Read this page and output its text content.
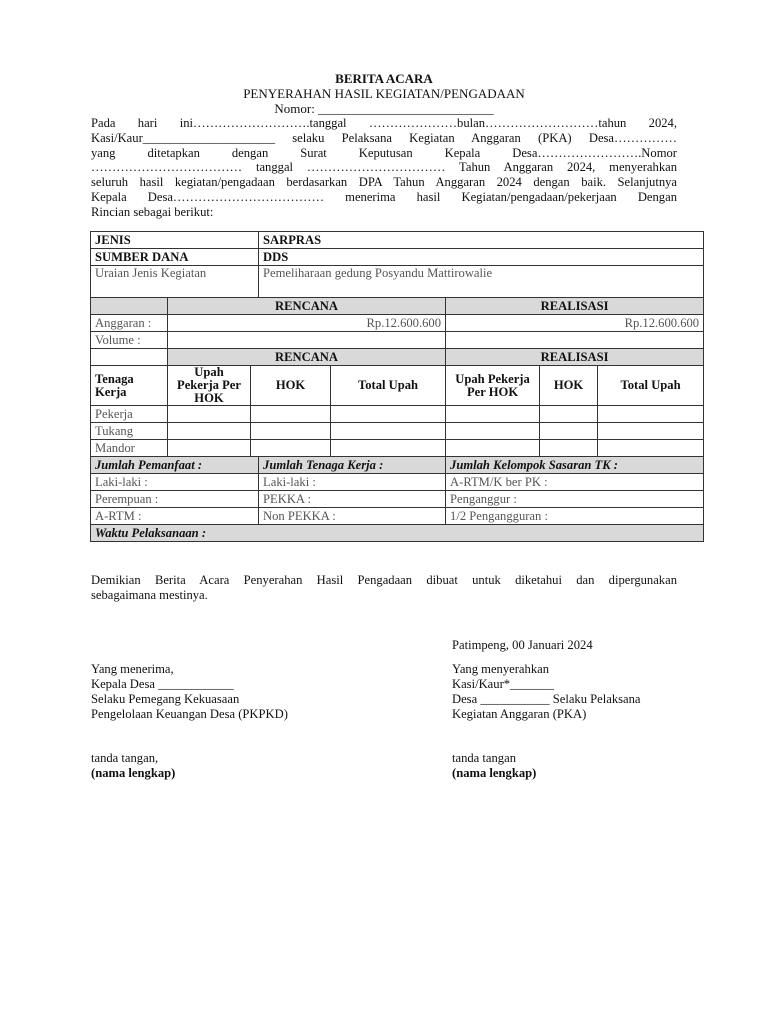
BERITA ACARA
PENYERAHAN HASIL KEGIATAN/PENGADAAN
Nomor: ___________________________
Pada hari ini……………………….tanggal …………………bulan………………………tahun 2024,
Kasi/Kaur_____________________ selaku Pelaksana Kegiatan Anggaran (PKA) Desa……………
yang ditetapkan dengan Surat Keputusan Kepala Desa…………………….Nomor
……………………………… tanggal …………………………… Tahun Anggaran 2024, menyerahkan
seluruh hasil kegiatan/pengadaan berdasarkan DPA Tahun Anggaran 2024 dengan baik. Selanjutnya
Kepala Desa……………………………… menerima hasil Kegiatan/pengadaan/pekerjaan Dengan
Rincian sebagai berikut:
JENIS			SARPRAS				
SUMBER DANA			DDS				
Uraian Jenis Kegiatan			Pemeliharaan gedung Posyandu Mattirowalie				
	RENCANA				REALISASI		
Anggaran :	Rp.12.600.600				Rp.12.600.600		
Volume :							
	RENCANA				REALISASI		
Tenaga Kerja	Upah Pekerja Per HOK	HOK		Total Upah	Upah Pekerja Per HOK	HOK	Total Upah
Pekerja							
Tukang							
Mandor							
Jumlah Pemanfaat :			Jumlah Tenaga Kerja :		Jumlah Kelompok Sasaran TK :		
Laki-laki :			Laki-laki :		A-RTM/K ber PK :		
Perempuan :			PEKKA :		Penganggur :		
A-RTM :			Non PEKKA :		1/2 Pengangguran :		
Waktu Pelaksanaan :							
Demikian Berita Acara Penyerahan Hasil Pengadaan dibuat untuk diketahui dan dipergunakan
sebagaimana mestinya.
Patimpeng, 00 Januari 2024
Yang menerima,
Kepala Desa ____________
Selaku Pemegang Kekuasaan
Pengelolaan Keuangan Desa (PKPKD)
tanda tangan,
(nama lengkap)
Yang menyerahkan
Kasi/Kaur*_______
Desa ___________ Selaku Pelaksana
Kegiatan Anggaran (PKA)
tanda tangan
(nama lengkap)
